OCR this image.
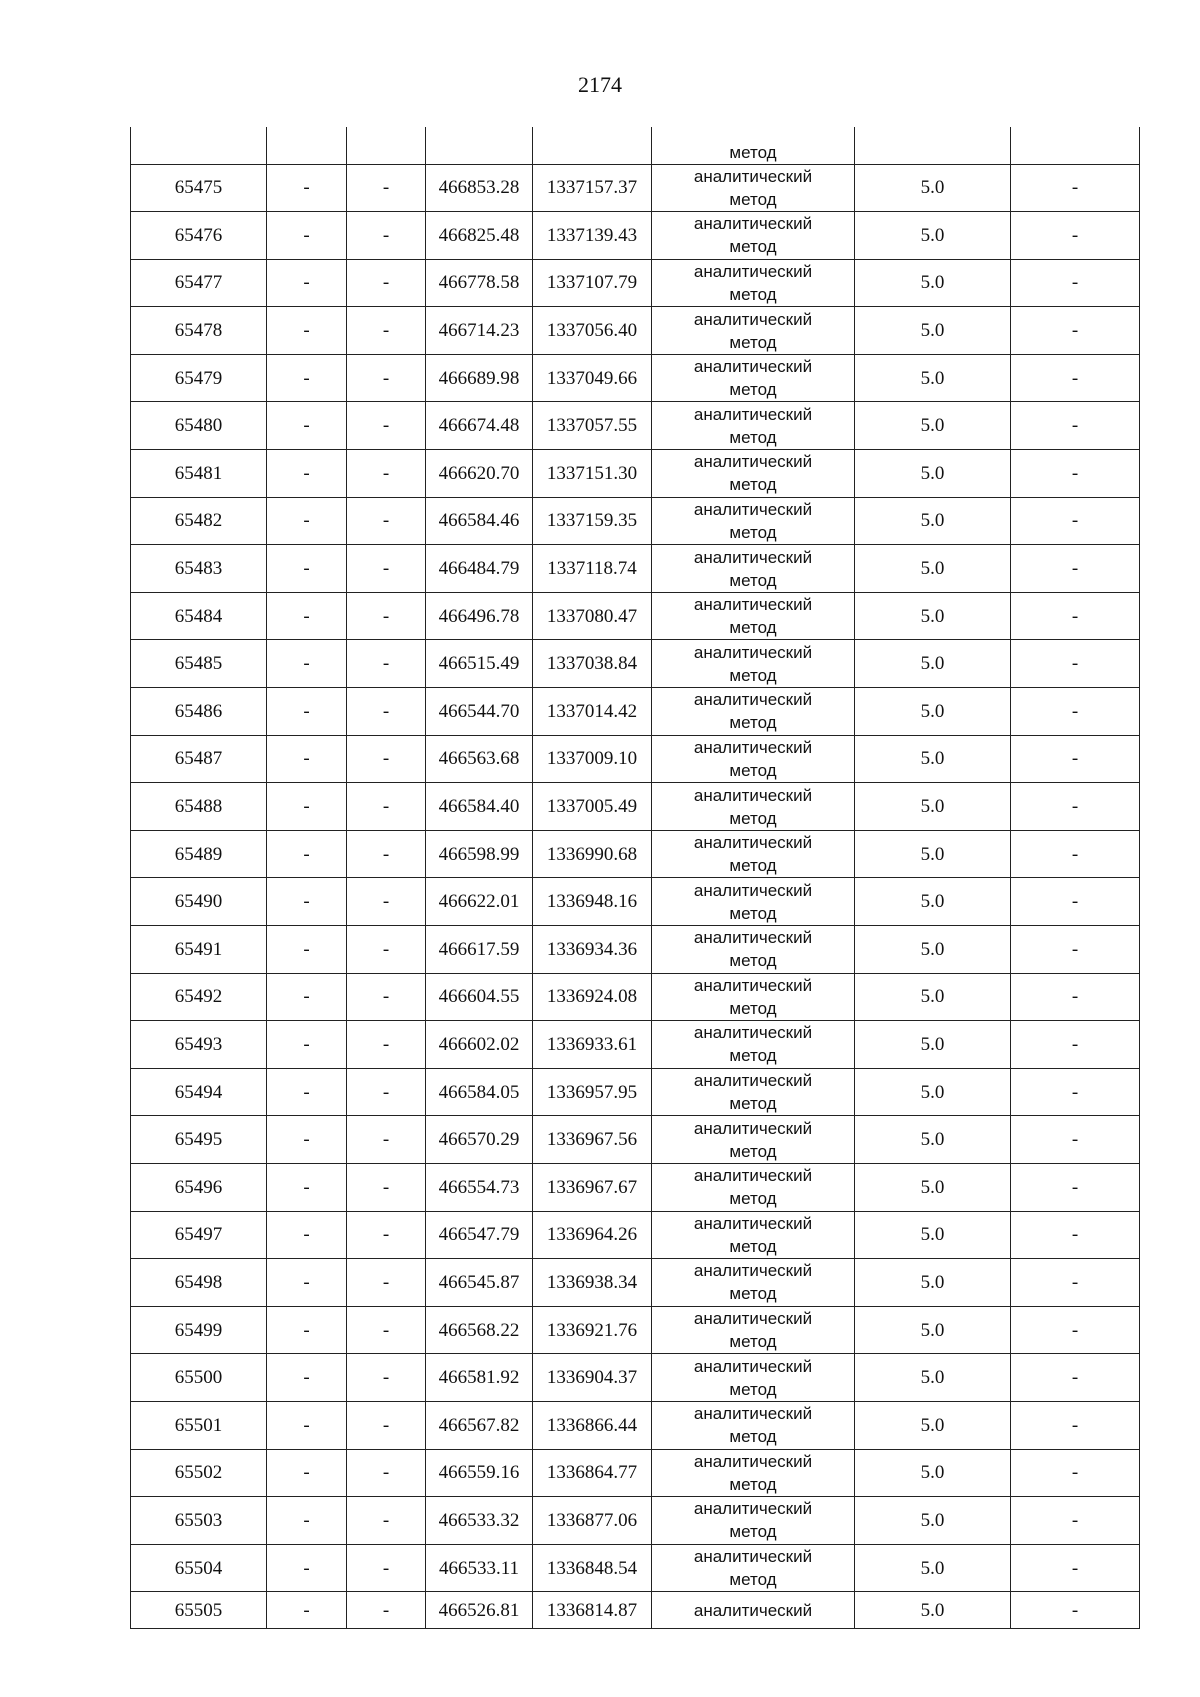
2174

					метод		

65475	-	-	466853.28	1337157.37	аналитический
метод	5.0	-
65476	-	-	466825.48	1337139.43	аналитический
метод	5.0	-
65477	-	-	466778.58	1337107.79	аналитический
метод	5.0	-
65478	-	-	466714.23	1337056.40	аналитический
метод	5.0	-
65479	-	-	466689.98	1337049.66	аналитический
метод	5.0	-
65480	-	-	466674.48	1337057.55	аналитический
метод	5.0	-
65481	-	-	466620.70	1337151.30	аналитический
метод	5.0	-
65482	-	-	466584.46	1337159.35	аналитический
метод	5.0	-
65483	-	-	466484.79	1337118.74	аналитический
метод	5.0	-
65484	-	-	466496.78	1337080.47	аналитический
метод	5.0	-
65485	-	-	466515.49	1337038.84	аналитический
метод	5.0	-
65486	-	-	466544.70	1337014.42	аналитический
метод	5.0	-
65487	-	-	466563.68	1337009.10	аналитический
метод	5.0	-
65488	-	-	466584.40	1337005.49	аналитический
метод	5.0	-
65489	-	-	466598.99	1336990.68	аналитический
метод	5.0	-
65490	-	-	466622.01	1336948.16	аналитический
метод	5.0	-
65491	-	-	466617.59	1336934.36	аналитический
метод	5.0	-
65492	-	-	466604.55	1336924.08	аналитический
метод	5.0	-
65493	-	-	466602.02	1336933.61	аналитический
метод	5.0	-
65494	-	-	466584.05	1336957.95	аналитический
метод	5.0	-
65495	-	-	466570.29	1336967.56	аналитический
метод	5.0	-
65496	-	-	466554.73	1336967.67	аналитический
метод	5.0	-
65497	-	-	466547.79	1336964.26	аналитический
метод	5.0	-
65498	-	-	466545.87	1336938.34	аналитический
метод	5.0	-
65499	-	-	466568.22	1336921.76	аналитический
метод	5.0	-
65500	-	-	466581.92	1336904.37	аналитический
метод	5.0	-
65501	-	-	466567.82	1336866.44	аналитический
метод	5.0	-
65502	-	-	466559.16	1336864.77	аналитический
метод	5.0	-
65503	-	-	466533.32	1336877.06	аналитический
метод	5.0	-
65504	-	-	466533.11	1336848.54	аналитический
метод	5.0	-
65505	-	-	466526.81	1336814.87	аналитический	5.0	-
